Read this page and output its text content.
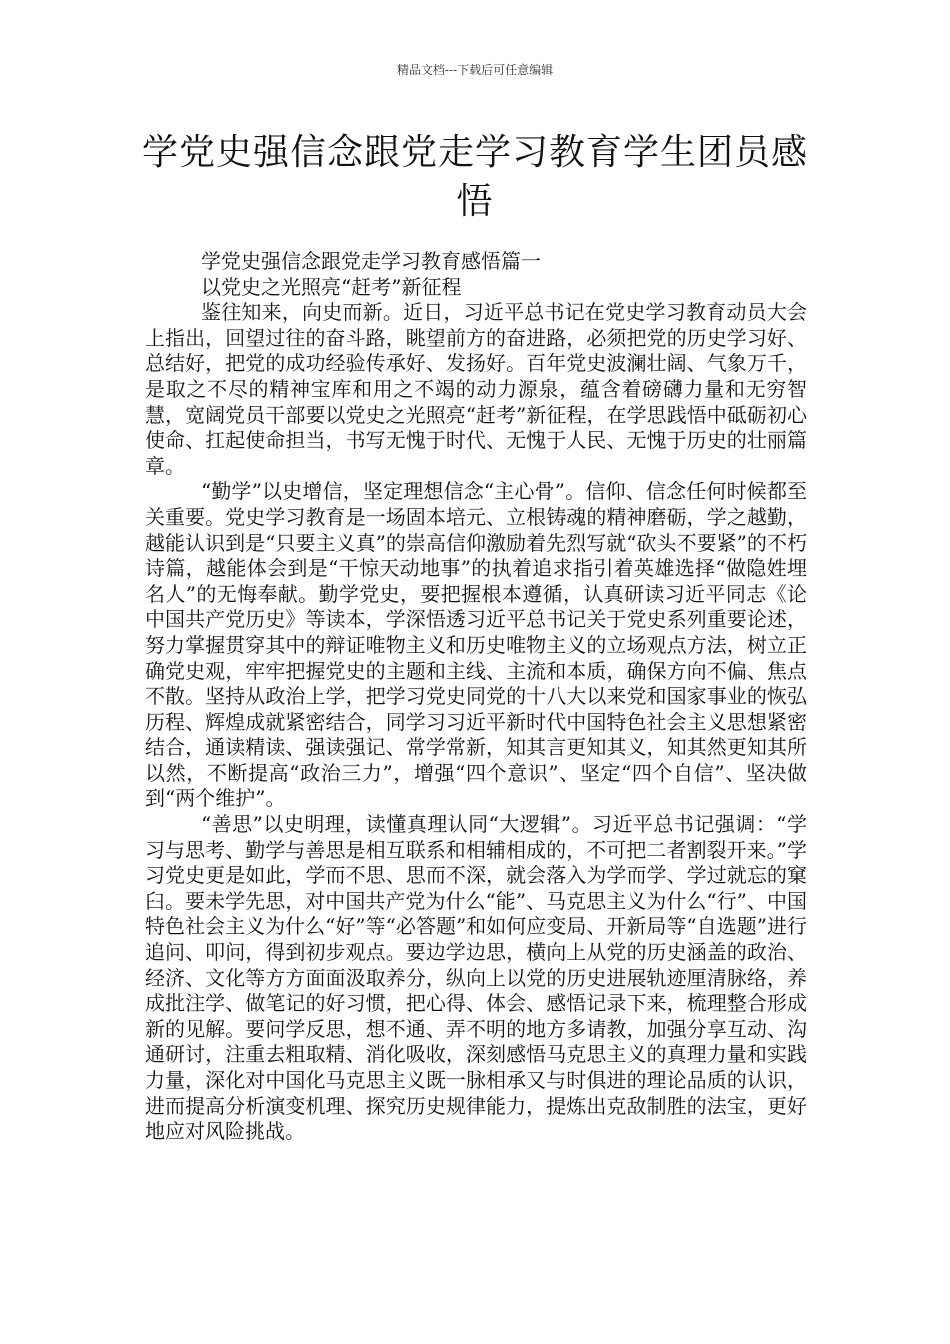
精品文档---下载后可任意编辑
学党史强信念跟党走学习教育学生团员感悟

学党史强信念跟党走学习教育感悟篇一

以党史之光照亮“赶考”新征程

鉴往知来，向史而新。近日，习近平总书记在党史学习教育动员大会上指出，回望过往的奋斗路，眺望前方的奋进路，必须把党的历史学习好、总结好，把党的成功经验传承好、发扬好。百年党史波澜壮阔、气象万千，是取之不尽的精神宝库和用之不竭的动力源泉，蕴含着磅礴力量和无穷智慧，宽阔党员干部要以党史之光照亮“赶考”新征程，在学思践悟中砥砺初心使命、扛起使命担当，书写无愧于时代、无愧于人民、无愧于历史的壮丽篇章。

“勤学”以史增信，坚定理想信念“主心骨”。信仰、信念任何时候都至关重要。党史学习教育是一场固本培元、立根铸魂的精神磨砺，学之越勤，越能认识到是“只要主义真”的崇高信仰激励着先烈写就“砍头不要紧”的不朽诗篇，越能体会到是“干惊天动地事”的执着追求指引着英雄选择“做隐姓埋名人”的无悔奉献。勤学党史，要把握根本遵循，认真研读习近平同志《论中国共产党历史》等读本，学深悟透习近平总书记关于党史系列重要论述，努力掌握贯穿其中的辩证唯物主义和历史唯物主义的立场观点方法，树立正确党史观，牢牢把握党史的主题和主线、主流和本质，确保方向不偏、焦点不散。坚持从政治上学，把学习党史同党的十八大以来党和国家事业的恢弘历程、辉煌成就紧密结合，同学习习近平新时代中国特色社会主义思想紧密结合，通读精读、强读强记、常学常新，知其言更知其义，知其然更知其所以然，不断提高“政治三力”，增强“四个意识”、坚定“四个自信”、坚决做到“两个维护”。

“善思”以史明理，读懂真理认同“大逻辑”。习近平总书记强调：“学习与思考、勤学与善思是相互联系和相辅相成的，不可把二者割裂开来。”学习党史更是如此，学而不思、思而不深，就会落入为学而学、学过就忘的窠臼。要未学先思，对中国共产党为什么“能”、马克思主义为什么“行”、中国特色社会主义为什么“好”等“必答题”和如何应变局、开新局等“自选题”进行追问、叩问，得到初步观点。要边学边思，横向上从党的历史涵盖的政治、经济、文化等方方面面汲取养分，纵向上以党的历史进展轨迹厘清脉络，养成批注学、做笔记的好习惯，把心得、体会、感悟记录下来，梳理整合形成新的见解。要问学反思，想不通、弄不明的地方多请教，加强分享互动、沟通研讨，注重去粗取精、消化吸收，深刻感悟马克思主义的真理力量和实践力量，深化对中国化马克思主义既一脉相承又与时俱进的理论品质的认识，进而提高分析演变机理、探究历史规律能力，提炼出克敌制胜的法宝，更好地应对风险挑战。
